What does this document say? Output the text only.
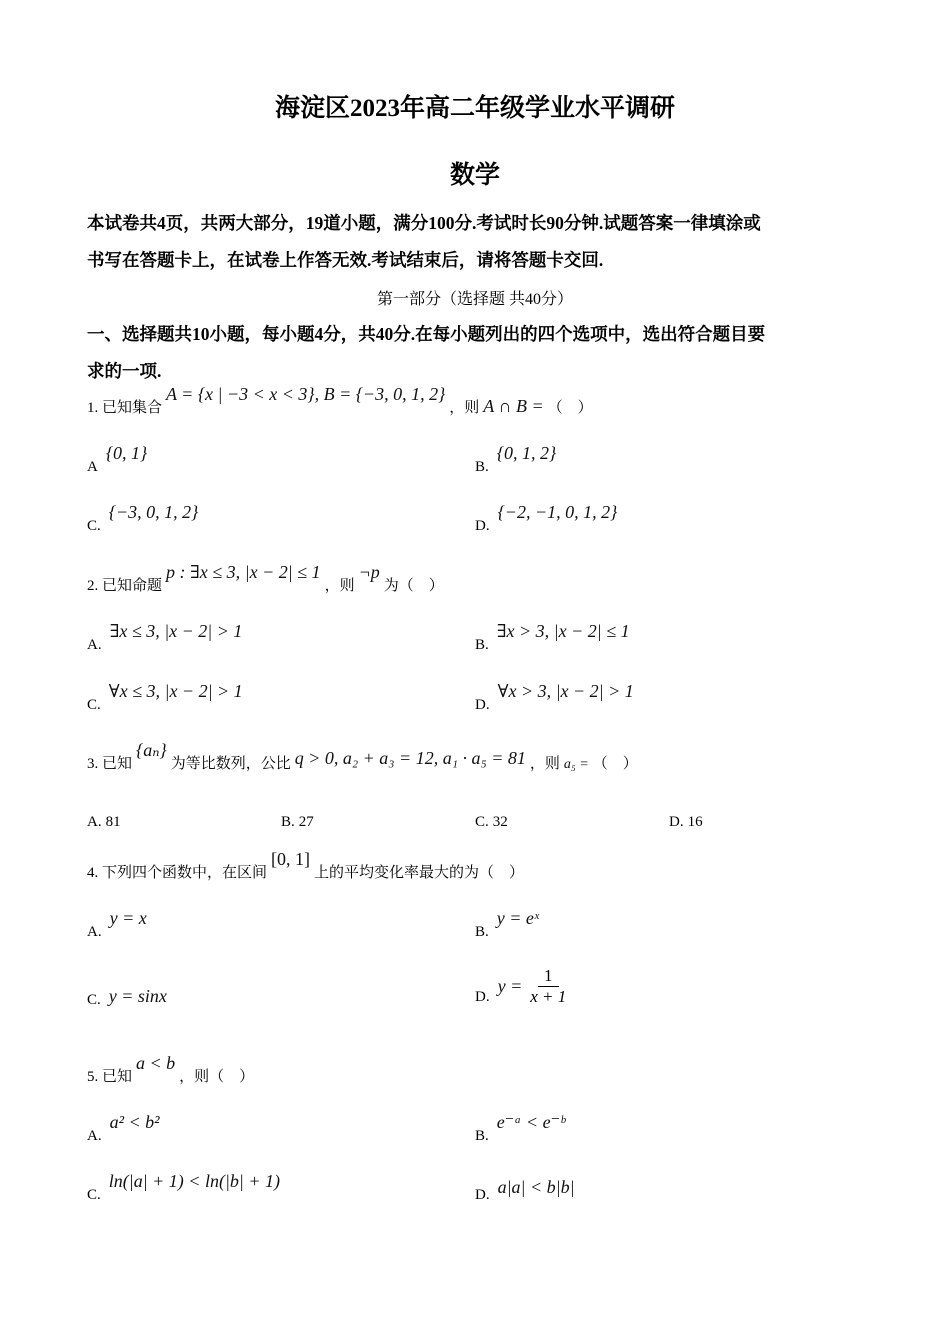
海淀区2023年高二年级学业水平调研
数学
本试卷共4页，共两大部分，19道小题，满分100分.考试时长90分钟.试题答案一律填涂或
书写在答题卡上，在试卷上作答无效.考试结束后，请将答题卡交回.
第一部分（选择题 共40分）
一、选择题共10小题，每小题4分，共40分.在每小题列出的四个选项中，选出符合题目要
求的一项.
1. 已知集合
A = {x | −3 < x < 3}, B = {−3, 0, 1, 2}
，则 A ∩ B = （　）
A
{0, 1}
B.
{0, 1, 2}
C.
{−3, 0, 1, 2}
D.
{−2, −1, 0, 1, 2}
2. 已知命题
p : ∃x ≤ 3, |x − 2| ≤ 1
，则
¬p
为（　）
A.
∃x ≤ 3, |x − 2| > 1
B.
∃x > 3, |x − 2| ≤ 1
C.
∀x ≤ 3, |x − 2| > 1
D.
∀x > 3, |x − 2| > 1
3. 已知
{aₙ}
为等比数列，公比 q > 0, a₂ + a₃ = 12, a₁ · a₅ = 81 ，则 a₅ = （　）
A. 81	B. 27	C. 32	D. 16
4. 下列四个函数中，在区间
[0, 1]
上的平均变化率最大的为（　）
A.
y = x
B.
y = eˣ
C. y = sinx	D.
$y = \frac{1}{x + 1}$
5. 已知
a < b
，则（　）
A.
a² < b²
B.
e⁻ᵃ < e⁻ᵇ
C.
ln(|a| + 1) < ln(|b| + 1)
D. a|a| < b|b|
